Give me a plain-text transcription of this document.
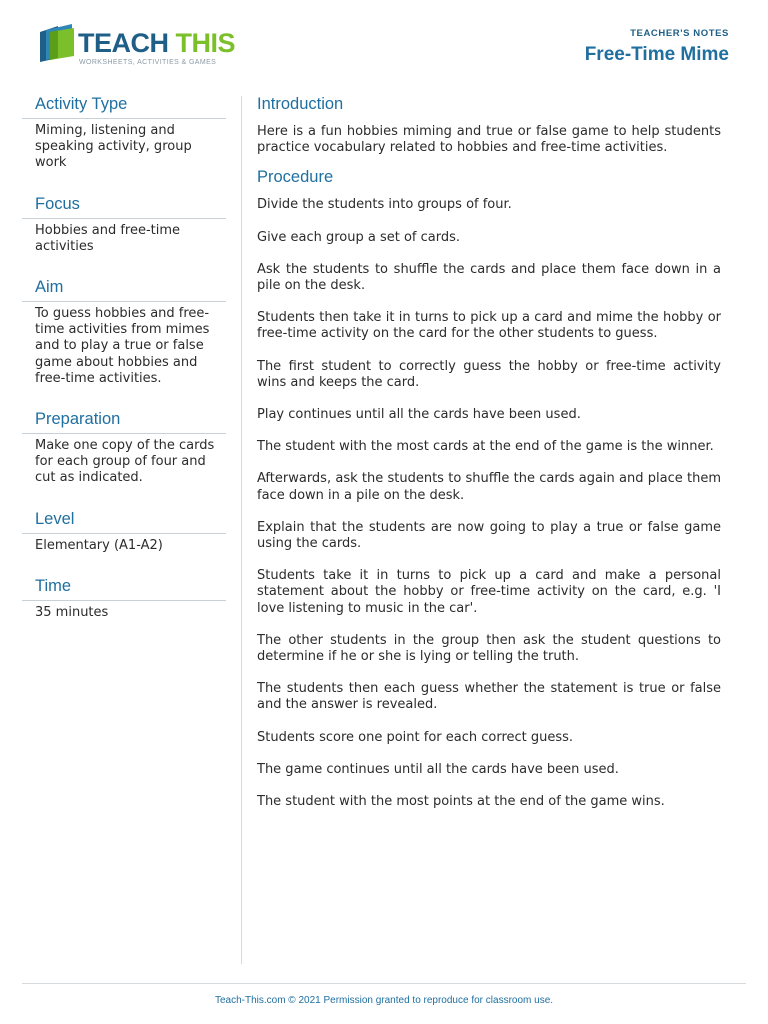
TEACH THIS
WORKSHEETS, ACTIVITIES & GAMES
TEACHER'S NOTES
Free-Time Mime
Activity Type
Miming, listening and speaking activity, group work
Focus
Hobbies and free-time activities
Aim
To guess hobbies and free-time activities from mimes and to play a true or false game about hobbies and free-time activities.
Preparation
Make one copy of the cards for each group of four and cut as indicated.
Level
Elementary (A1-A2)
Time
35 minutes
Introduction

Here is a fun hobbies miming and true or false game to help students practice vocabulary related to hobbies and free-time activities.

Procedure

Divide the students into groups of four.

Give each group a set of cards.

Ask the students to shuffle the cards and place them face down in a pile on the desk.

Students then take it in turns to pick up a card and mime the hobby or free-time activity on the card for the other students to guess.

The first student to correctly guess the hobby or free-time activity wins and keeps the card.

Play continues until all the cards have been used.

The student with the most cards at the end of the game is the winner.

Afterwards, ask the students to shuffle the cards again and place them face down in a pile on the desk.

Explain that the students are now going to play a true or false game using the cards.

Students take it in turns to pick up a card and make a personal statement about the hobby or free-time activity on the card, e.g. 'I love listening to music in the car'.

The other students in the group then ask the student questions to determine if he or she is lying or telling the truth.

The students then each guess whether the statement is true or false and the answer is revealed.

Students score one point for each correct guess.

The game continues until all the cards have been used.

The student with the most points at the end of the game wins.

Teach-This.com © 2021 Permission granted to reproduce for classroom use.
